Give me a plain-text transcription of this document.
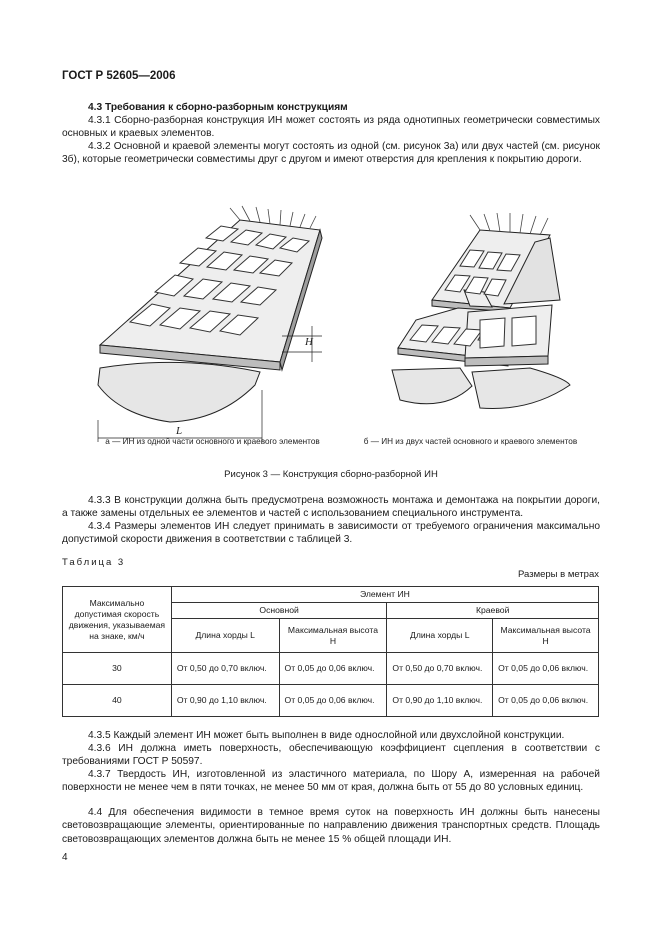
ГОСТ Р 52605—2006
4.3 Требования к сборно-разборным конструкциям
4.3.1 Сборно-разборная конструкция ИН может состоять из ряда однотипных геометрически совместимых основных и краевых элементов.
4.3.2 Основной и краевой элементы могут состоять из одной (см. рисунок 3а) или двух частей (см. рисунок 3б), которые геометрически совместимы друг с другом и имеют отверстия для крепления к покрытию дороги.
H
L
а — ИН из одной части основного и краевого элементов	б — ИН из двух частей основного и краевого элементов
Рисунок 3 — Конструкция сборно-разборной ИН
4.3.3 В конструкции должна быть предусмотрена возможность монтажа и демонтажа на покрытии дороги, а также замены отдельных ее элементов и частей с использованием специального инструмента.
4.3.4 Размеры элементов ИН следует принимать в зависимости от требуемого ограничения максимально допустимой скорости движения в соответствии с таблицей 3.
Таблица 3
Размеры в метрах
Максимально допустимая скорость движения, указываемая на знаке, км/ч	Элемент ИН			
	Основной		Краевой	
	Длина хорды L	Максимальная высота H	Длина хорды L	Максимальная высота H
30	От 0,50 до 0,70 включ.	От 0,05 до 0,06 включ.	От 0,50 до 0,70 включ.	От 0,05 до 0,06 включ.
40	От 0,90 до 1,10 включ.	От 0,05 до 0,06 включ.	От 0,90 до 1,10 включ.	От 0,05 до 0,06 включ.
4.3.5 Каждый элемент ИН может быть выполнен в виде однослойной или двухслойной конструкции.
4.3.6 ИН должна иметь поверхность, обеспечивающую коэффициент сцепления в соответствии с требованиями ГОСТ Р 50597.
4.3.7 Твердость ИН, изготовленной из эластичного материала, по Шору А, измеренная на рабочей поверхности не менее чем в пяти точках, не менее 50 мм от края, должна быть от 55 до 80 условных единиц.
4.4 Для обеспечения видимости в темное время суток на поверхность ИН должны быть нанесены световозвращающие элементы, ориентированные по направлению движения транспортных средств. Площадь световозвращающих элементов должна быть не менее 15 % общей площади ИН.
4
